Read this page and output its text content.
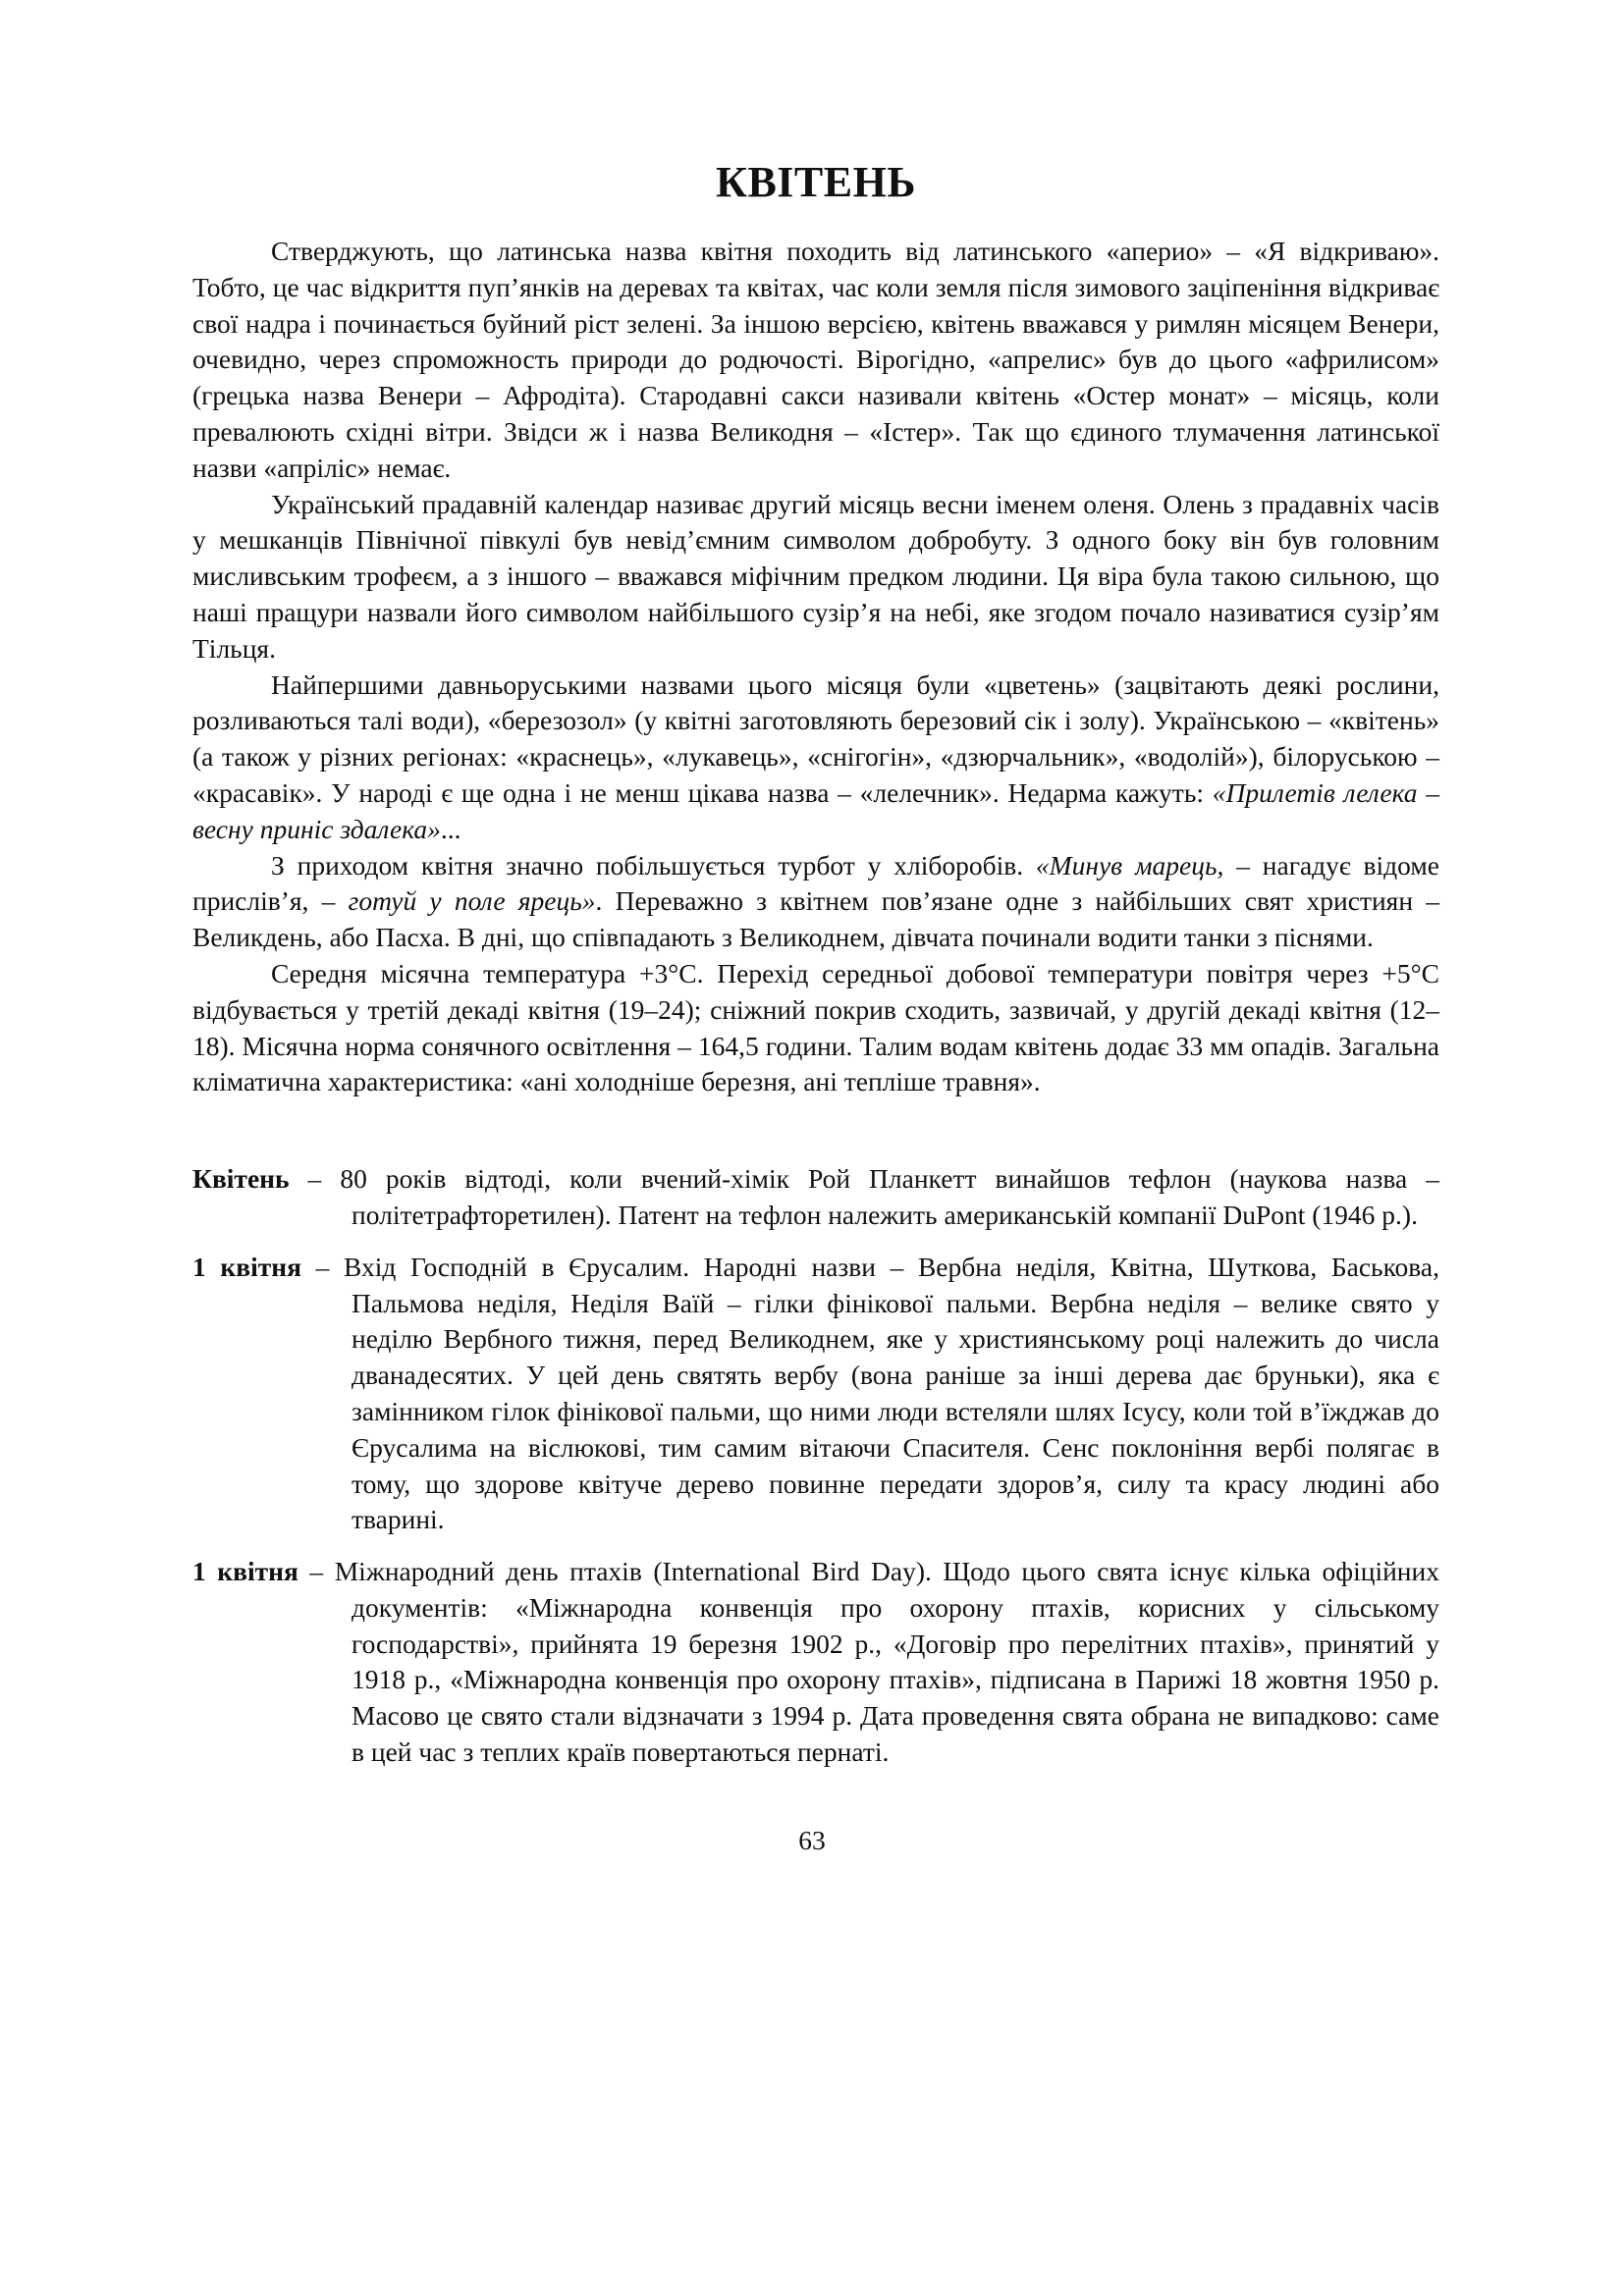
КВІТЕНЬ

Стверджують, що латинська назва квітня походить від латинського «аперио» – «Я відкриваю». Тобто, це час відкриття пуп’янків на деревах та квітах, час коли земля після зимового заціпеніння відкриває свої надра і починається буйний ріст зелені. За іншою версією, квітень вважався у римлян місяцем Венери, очевидно, через спроможность природи до родючості. Вірогідно, «апрелис» був до цього «африлисом» (грецька назва Венери – Афродіта). Стародавні сакси називали квітень «Остер монат» – місяць, коли превалюють східні вітри. Звідси ж і назва Великодня – «Істер». Так що єдиного тлумачення латинської назви «апріліс» немає.

Український прадавній календар називає другий місяць весни іменем оленя. Олень з прадавніх часів у мешканців Північної півкулі був невід’ємним символом добробуту. З одного боку він був головним мисливським трофеєм, а з іншого – вважався міфічним предком людини. Ця віра була такою сильною, що наші пращури назвали його символом найбільшого сузір’я на небі, яке згодом почало називатися сузір’ям Тільця.

Найпершими давньоруськими назвами цього місяця були «цветень» (зацвітають деякі рослини, розливаються талі води), «березозол» (у квітні заготовляють березовий сік і золу). Українською – «квітень» (а також у різних регіонах: «краснець», «лукавець», «снігогін», «дзюрчальник», «водолій»), білоруською – «красавік». У народі є ще одна і не менш цікава назва – «лелечник». Недарма кажуть: «Прилетів лелека – весну приніс здалека»...

З приходом квітня значно побільшується турбот у хліборобів. «Минув марець, – нагадує відоме прислів’я, – готуй у поле ярець». Переважно з квітнем пов’язане одне з найбільших свят християн – Великдень, або Пасха. В дні, що співпадають з Великоднем, дівчата починали водити танки з піснями.

Середня місячна температура +3°С. Перехід середньої добової температури повітря через +5°С відбувається у третій декаді квітня (19–24); сніжний покрив сходить, зазвичай, у другій декаді квітня (12–18). Місячна норма сонячного освітлення – 164,5 години. Талим водам квітень додає 33 мм опадів. Загальна кліматична характеристика: «ані холодніше березня, ані тепліше травня».

Квітень – 80 років відтоді, коли вчений-хімік Рой Планкетт винайшов тефлон (наукова назва – політетрафторетилен). Патент на тефлон належить американській компанії DuPont (1946 р.).

1 квітня – Вхід Господній в Єрусалим. Народні назви – Вербна неділя, Квітна, Шуткова, Баськова, Пальмова неділя, Неділя Ваїй – гілки фінікової пальми. Вербна неділя – велике свято у неділю Вербного тижня, перед Великоднем, яке у християнському році належить до числа дванадесятих. У цей день святять вербу (вона раніше за інші дерева дає бруньки), яка є замінником гілок фінікової пальми, що ними люди встеляли шлях Ісусу, коли той в’їжджав до Єрусалима на віслюкові, тим самим вітаючи Спасителя. Сенс поклоніння вербі полягає в тому, що здорове квітуче дерево повинне передати здоров’я, силу та красу людині або тварині.

1 квітня – Міжнародний день птахів (International Bird Day). Щодо цього свята існує кілька офіційних документів: «Міжнародна конвенція про охорону птахів, корисних у сільському господарстві», прийнята 19 березня 1902 р., «Договір про перелітних птахів», принятий у 1918 р., «Міжнародна конвенція про охорону птахів», підписана в Парижі 18 жовтня 1950 р. Масово це свято стали відзначати з 1994 р. Дата проведення свята обрана не випадково: саме в цей час з теплих країв повертаються пернаті.

63
